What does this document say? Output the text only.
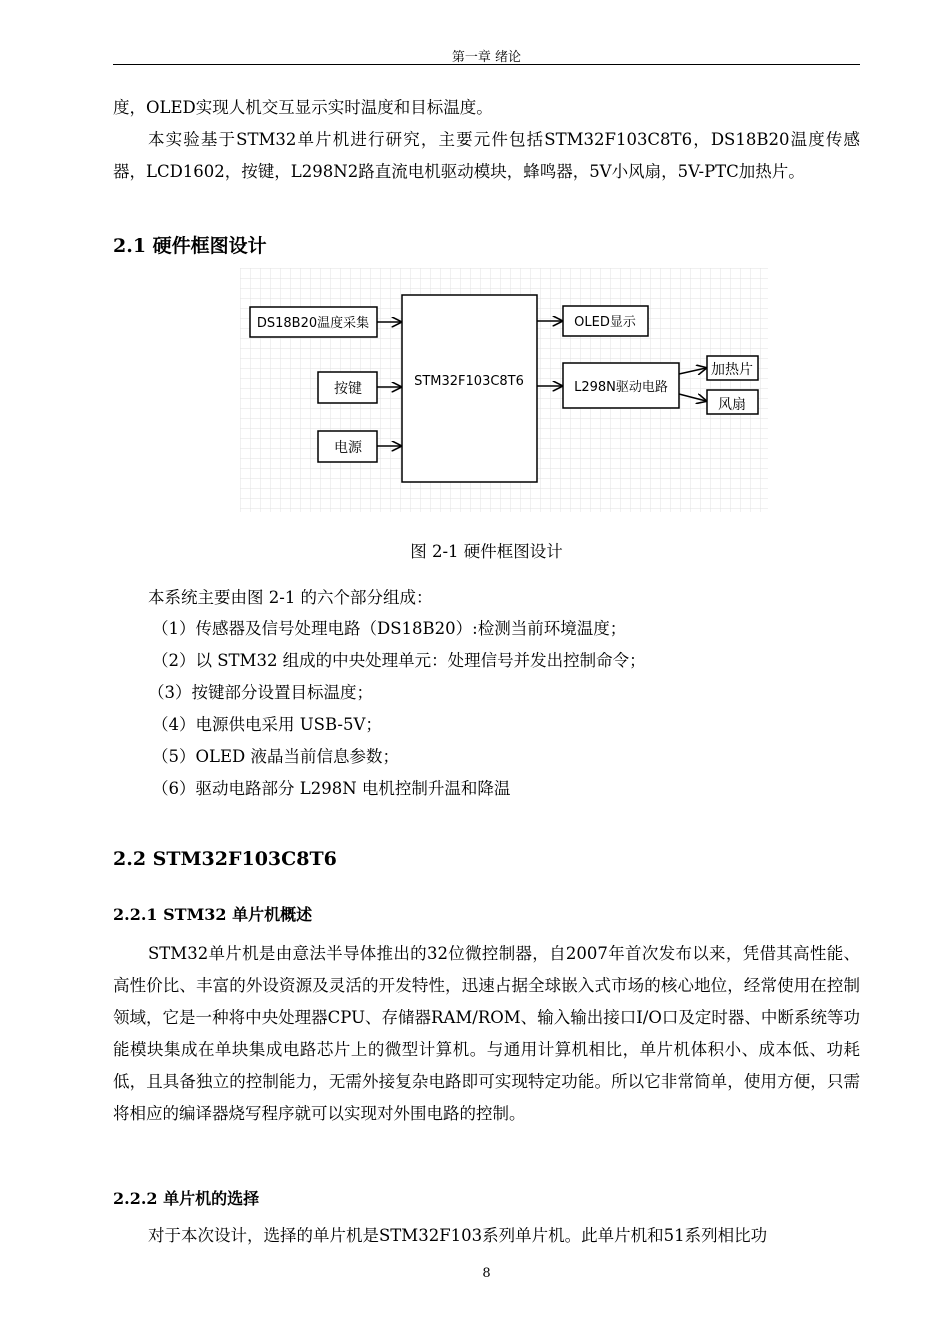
第一章 绪论

度，OLED实现人机交互显示实时温度和目标温度。

本实验基于STM32单片机进行研究，主要元件包括STM32F103C8T6，DS18B20温度传感器，LCD1602，按键，L298N2路直流电机驱动模块，蜂鸣器，5V小风扇，5V-PTC加热片。

2.1 硬件框图设计
DS18B20温度采集
按键
电源
STM32F103C8T6
OLED显示
L298N驱动电路
加热片
风扇

图 2-1 硬件框图设计

本系统主要由图 2-1 的六个部分组成：

（1）传感器及信号处理电路（DS18B20）:检测当前环境温度；

（2）以 STM32 组成的中央处理单元：处理信号并发出控制命令；

（3）按键部分设置目标温度；

（4）电源供电采用 USB-5V；

（5）OLED 液晶当前信息参数；

（6）驱动电路部分 L298N 电机控制升温和降温

2.2 STM32F103C8T6
2.2.1 STM32 单片机概述

STM32单片机是由意法半导体推出的32位微控制器，自2007年首次发布以来，凭借其高性能、高性价比、丰富的外设资源及灵活的开发特性，迅速占据全球嵌入式市场的核心地位，经常使用在控制领域，它是一种将中央处理器CPU、存储器RAM/ROM、输入输出接口I/O口及定时器、中断系统等功能模块集成在单块集成电路芯片上的微型计算机。与通用计算机相比，单片机体积小、成本低、功耗低，且具备独立的控制能力，无需外接复杂电路即可实现特定功能。所以它非常简单，使用方便，只需将相应的编译器烧写程序就可以实现对外围电路的控制。

2.2.2 单片机的选择

对于本次设计，选择的单片机是STM32F103系列单片机。此单片机和51系列相比功

8
